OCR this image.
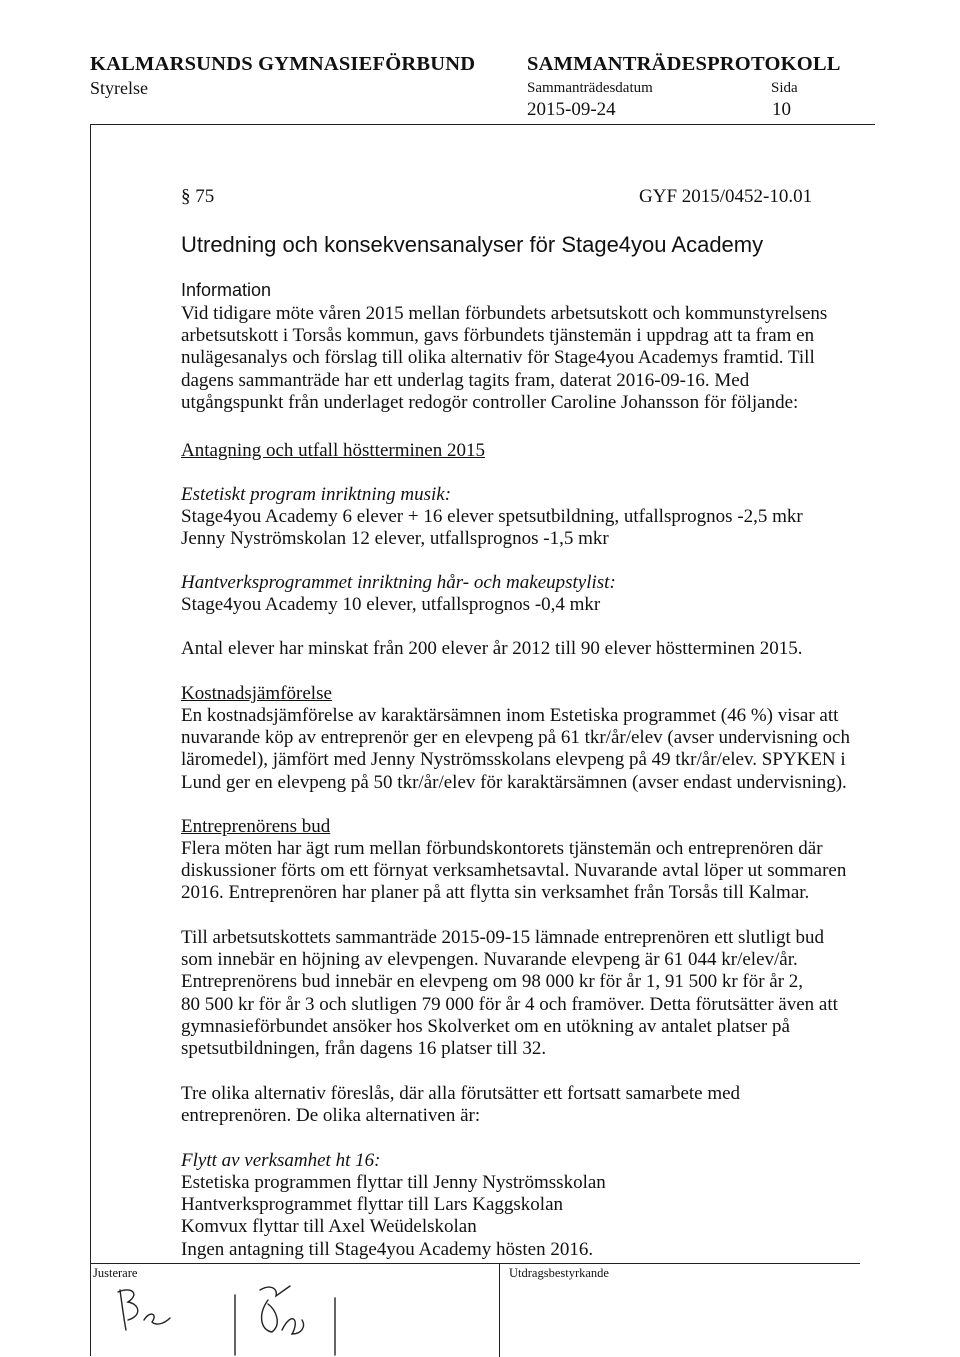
KALMARSUNDS GYMNASIEFÖRBUND
Styrelse
SAMMANTRÄDESPROTOKOLL
Sammanträdesdatum	Sida
2015-09-24	10
§ 75	GYF 2015/0452-10.01
Utredning och konsekvensanalyser för Stage4you Academy
Information
Vid tidigare möte våren 2015 mellan förbundets arbetsutskott och kommunstyrelsens
arbetsutskott i Torsås kommun, gavs förbundets tjänstemän i uppdrag att ta fram en
nulägesanalys och förslag till olika alternativ för Stage4you Academys framtid. Till
dagens sammanträde har ett underlag tagits fram, daterat 2016-09-16. Med
utgångspunkt från underlaget redogör controller Caroline Johansson för följande:
Antagning och utfall höstterminen 2015
Estetiskt program inriktning musik:
Stage4you Academy 6 elever + 16 elever spetsutbildning, utfallsprognos -2,5 mkr
Jenny Nyströmskolan 12 elever, utfallsprognos -1,5 mkr
Hantverksprogrammet inriktning hår- och makeupstylist:
Stage4you Academy 10 elever, utfallsprognos -0,4 mkr
Antal elever har minskat från 200 elever år 2012 till 90 elever höstterminen 2015.
Kostnadsjämförelse
En kostnadsjämförelse av karaktärsämnen inom Estetiska programmet (46 %) visar att
nuvarande köp av entreprenör ger en elevpeng på 61 tkr/år/elev (avser undervisning och
läromedel), jämfört med Jenny Nyströmsskolans elevpeng på 49 tkr/år/elev. SPYKEN i
Lund ger en elevpeng på 50 tkr/år/elev för karaktärsämnen (avser endast undervisning).
Entreprenörens bud
Flera möten har ägt rum mellan förbundskontorets tjänstemän och entreprenören där
diskussioner förts om ett förnyat verksamhetsavtal. Nuvarande avtal löper ut sommaren
2016. Entreprenören har planer på att flytta sin verksamhet från Torsås till Kalmar.
Till arbetsutskottets sammanträde 2015-09-15 lämnade entreprenören ett slutligt bud
som innebär en höjning av elevpengen. Nuvarande elevpeng är 61 044 kr/elev/år.
Entreprenörens bud innebär en elevpeng om 98 000 kr för år 1, 91 500 kr för år 2,
80 500 kr för år 3 och slutligen 79 000 för år 4 och framöver. Detta förutsätter även att
gymnasieförbundet ansöker hos Skolverket om en utökning av antalet platser på
spetsutbildningen, från dagens 16 platser till 32.
Tre olika alternativ föreslås, där alla förutsätter ett fortsatt samarbete med
entreprenören. De olika alternativen är:
Flytt av verksamhet ht 16:
Estetiska programmen flyttar till Jenny Nyströmsskolan
Hantverksprogrammet flyttar till Lars Kaggskolan
Komvux flyttar till Axel Weüdelskolan
Ingen antagning till Stage4you Academy hösten 2016.
Justerare	Utdragsbestyrkande
